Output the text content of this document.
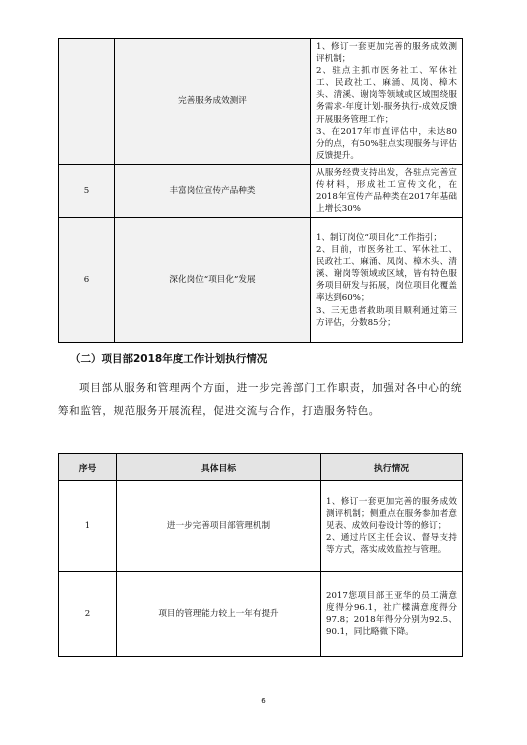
	完善服务成效测评	1、修订一套更加完善的服务成效测评机制；
2、驻点主抓市医务社工、军休社工、民政社工、麻涌、凤岗、樟木头、清溪、谢岗等领域或区域围绕服务需求-年度计划-服务执行-成效反馈开展服务管理工作；
3、在2017年市直评估中，未达80分的点，有50%驻点实现服务与评估反馈提升。
5	丰富岗位宣传产品种类	从服务经费支持出发，各驻点完善宣传材料，形成社工宣传文化，在2018年宣传产品种类在2017年基础上增长30%
6	深化岗位“项目化”发展	1、制订岗位“项目化”工作指引；
2、目前，市医务社工、军休社工、民政社工、麻涌、凤岗、樟木头、清溪、谢岗等领域或区域，皆有特色服务项目研发与拓展，岗位项目化覆盖率达到60%；
3、三无患者救助项目顺利通过第三方评估，分数85分；
（二）项目部2018年度工作计划执行情况
项目部从服务和管理两个方面，进一步完善部门工作职责，加强对各中心的统筹和监管，规范服务开展流程，促进交流与合作，打造服务特色。
序号	具体目标	执行情况
1	进一步完善项目部管理机制	1、修订一套更加完善的服务成效测评机制；侧重点在服务参加者意见表、成效问卷设计等的修订；
2、通过片区主任会议、督导支持等方式，落实成效监控与管理。
2	项目的管理能力较上一年有提升	2017您项目部王亚华的员工满意度得分96.1，社广樑满意度得分97.8；2018年得分分别为92.5、90.1，同比略微下降。
6
